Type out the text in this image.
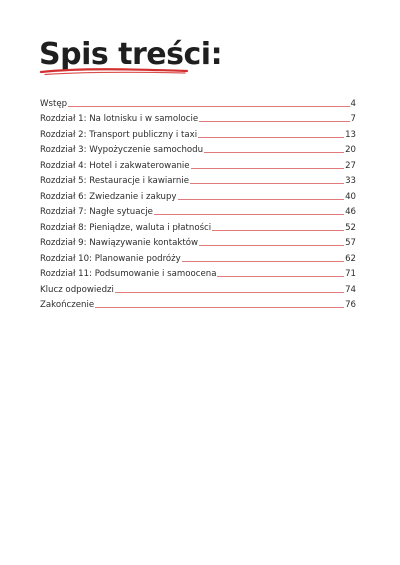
Spis treści:
Wstęp	4
Rozdział 1: Na lotnisku i w samolocie	7
Rozdział 2: Transport publiczny i taxi	13
Rozdział 3: Wypożyczenie samochodu	20
Rozdział 4: Hotel i zakwaterowanie	27
Rozdział 5: Restauracje i kawiarnie	33
Rozdział 6: Zwiedzanie i zakupy	40
Rozdział 7: Nagłe sytuacje	46
Rozdział 8: Pieniądze, waluta i płatności	52
Rozdział 9: Nawiązywanie kontaktów	57
Rozdział 10: Planowanie podróży	62
Rozdział 11: Podsumowanie i samoocena	71
Klucz odpowiedzi	74
Zakończenie	76
